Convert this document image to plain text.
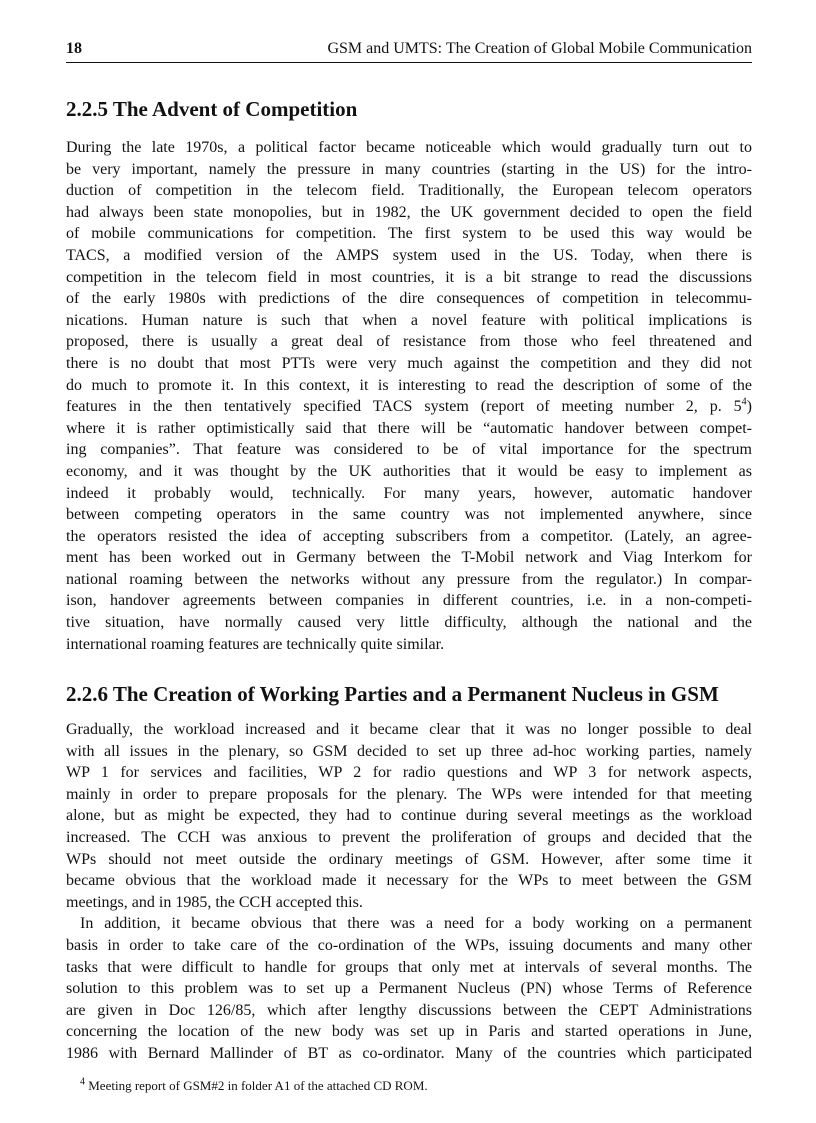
18	GSM and UMTS: The Creation of Global Mobile Communication
2.2.5 The Advent of Competition
During the late 1970s, a political factor became noticeable which would gradually turn out to
be very important, namely the pressure in many countries (starting in the US) for the intro-
duction of competition in the telecom field. Traditionally, the European telecom operators
had always been state monopolies, but in 1982, the UK government decided to open the field
of mobile communications for competition. The first system to be used this way would be
TACS, a modified version of the AMPS system used in the US. Today, when there is
competition in the telecom field in most countries, it is a bit strange to read the discussions
of the early 1980s with predictions of the dire consequences of competition in telecommu-
nications. Human nature is such that when a novel feature with political implications is
proposed, there is usually a great deal of resistance from those who feel threatened and
there is no doubt that most PTTs were very much against the competition and they did not
do much to promote it. In this context, it is interesting to read the description of some of the
features in the then tentatively specified TACS system (report of meeting number 2, p. $5^4$)
where it is rather optimistically said that there will be “automatic handover between compet-
ing companies”. That feature was considered to be of vital importance for the spectrum
economy, and it was thought by the UK authorities that it would be easy to implement as
indeed it probably would, technically. For many years, however, automatic handover
between competing operators in the same country was not implemented anywhere, since
the operators resisted the idea of accepting subscribers from a competitor. (Lately, an agree-
ment has been worked out in Germany between the T-Mobil network and Viag Interkom for
national roaming between the networks without any pressure from the regulator.) In compar-
ison, handover agreements between companies in different countries, i.e. in a non-competi-
tive situation, have normally caused very little difficulty, although the national and the
international roaming features are technically quite similar.
2.2.6 The Creation of Working Parties and a Permanent Nucleus in GSM
Gradually, the workload increased and it became clear that it was no longer possible to deal
with all issues in the plenary, so GSM decided to set up three ad-hoc working parties, namely
WP 1 for services and facilities, WP 2 for radio questions and WP 3 for network aspects,
mainly in order to prepare proposals for the plenary. The WPs were intended for that meeting
alone, but as might be expected, they had to continue during several meetings as the workload
increased. The CCH was anxious to prevent the proliferation of groups and decided that the
WPs should not meet outside the ordinary meetings of GSM. However, after some time it
became obvious that the workload made it necessary for the WPs to meet between the GSM
meetings, and in 1985, the CCH accepted this.
In addition, it became obvious that there was a need for a body working on a permanent
basis in order to take care of the co-ordination of the WPs, issuing documents and many other
tasks that were difficult to handle for groups that only met at intervals of several months. The
solution to this problem was to set up a Permanent Nucleus (PN) whose Terms of Reference
are given in Doc 126/85, which after lengthy discussions between the CEPT Administrations
concerning the location of the new body was set up in Paris and started operations in June,
1986 with Bernard Mallinder of BT as co-ordinator. Many of the countries which participated
$^4$ Meeting report of GSM#2 in folder A1 of the attached CD ROM.
